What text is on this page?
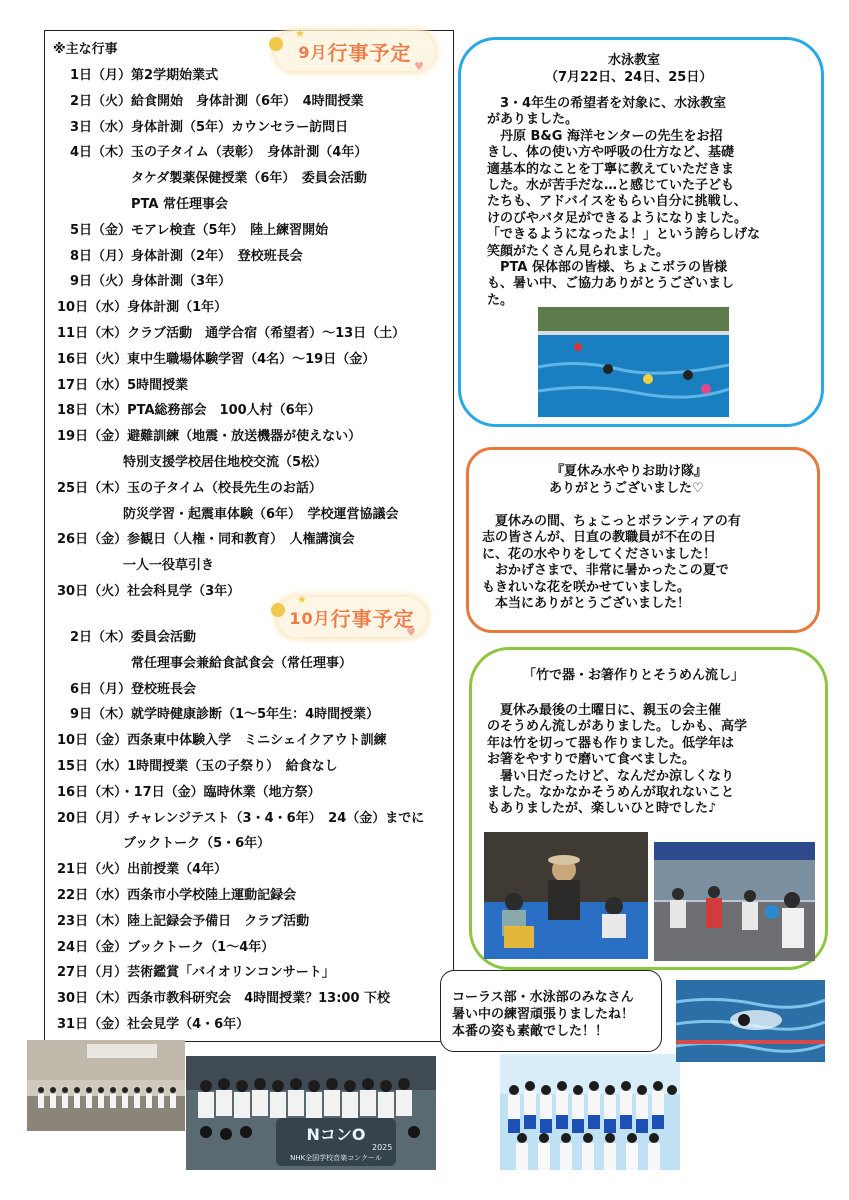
※主な行事
★
9月 行事予定
♥
1日（月）第2学期始業式
2日（火）給食開始　身体計測（6年）　4時間授業
3日（水）身体計測（5年）カウンセラー訪問日
4日（木）玉の子タイム（表彰）　身体計測（4年）
タケダ製薬保健授業（6年）　委員会活動
PTA 常任理事会
5日（金）モアレ検査（5年）　陸上練習開始
8日（月）身体計測（2年）　登校班長会
9日（火）身体計測（3年）
10日（水）身体計測（1年）
11日（木）クラブ活動　通学合宿（希望者）～13日（土）
16日（火）東中生職場体験学習（4名）～19日（金）
17日（水）5時間授業
18日（木）PTA総務部会　100人村（6年）
19日（金）避難訓練（地震・放送機器が使えない）
特別支援学校居住地校交流（5松）
25日（木）玉の子タイム（校長先生のお話）
防災学習・起震車体験（6年）　学校運営協議会
26日（金）参観日（人権・同和教育）　人権講演会
一人一役草引き
30日（火）社会科見学（3年）
★
10月 行事予定
♥
2日（木）委員会活動
常任理事会兼給食試食会（常任理事）
6日（月）登校班長会
9日（木）就学時健康診断（1～5年生：4時間授業）
10日（金）西条東中体験入学　ミニシェイクアウト訓練
15日（水）1時間授業（玉の子祭り）　給食なし
16日（木）・17日（金）臨時休業（地方祭）
20日（月）チャレンジテスト（3・4・6年）　24（金）までに
ブックトーク（5・6年）
21日（火）出前授業（4年）
22日（水）西条市小学校陸上運動記録会
23日（木）陸上記録会予備日　クラブ活動
24日（金）ブックトーク（1～4年）
27日（月）芸術鑑賞「バイオリンコンサート」
30日（木）西条市教科研究会　4時間授業？13:00 下校
31日（金）社会見学（4・6年）
水泳教室
（7月22日、24日、25日）
　3・4年生の希望者を対象に、水泳教室
がありました。
　丹原 B&G 海洋センターの先生をお招
きし、体の使い方や呼吸の仕方など、基礎
適基本的なことを丁寧に教えていただきま
した。水が苦手だな…と感じていた子ども
たちも、アドバイスをもらい自分に挑戦し、
けのびやバタ足ができるようになりました。
「できるようになったよ！」という誇らしげな
笑顔がたくさん見られました。
　PTA 保体部の皆様、ちょこボラの皆様
も、暑い中、ご協力ありがとうございまし
た。
『夏休み水やりお助け隊』
ありがとうございました♡
　夏休みの間、ちょこっとボランティアの有
志の皆さんが、日直の教職員が不在の日
に、花の水やりをしてくださいました！
　おかげさまで、非常に暑かったこの夏で
もきれいな花を咲かせていました。
　本当にありがとうございました！
「竹で器・お箸作りとそうめん流し」
　夏休み最後の土曜日に、親玉の会主催
のそうめん流しがありました。しかも、高学
年は竹を切って器も作りました。低学年は
お箸をやすりで磨いて食べました。
　暑い日だったけど、なんだか涼しくなり
ました。なかなかそうめんが取れないこと
もありましたが、楽しいひと時でした♪
NコンO
2025
NHK全国学校音楽コンクール
コーラス部・水泳部のみなさん
暑い中の練習頑張りましたね！
本番の姿も素敵でした！！
